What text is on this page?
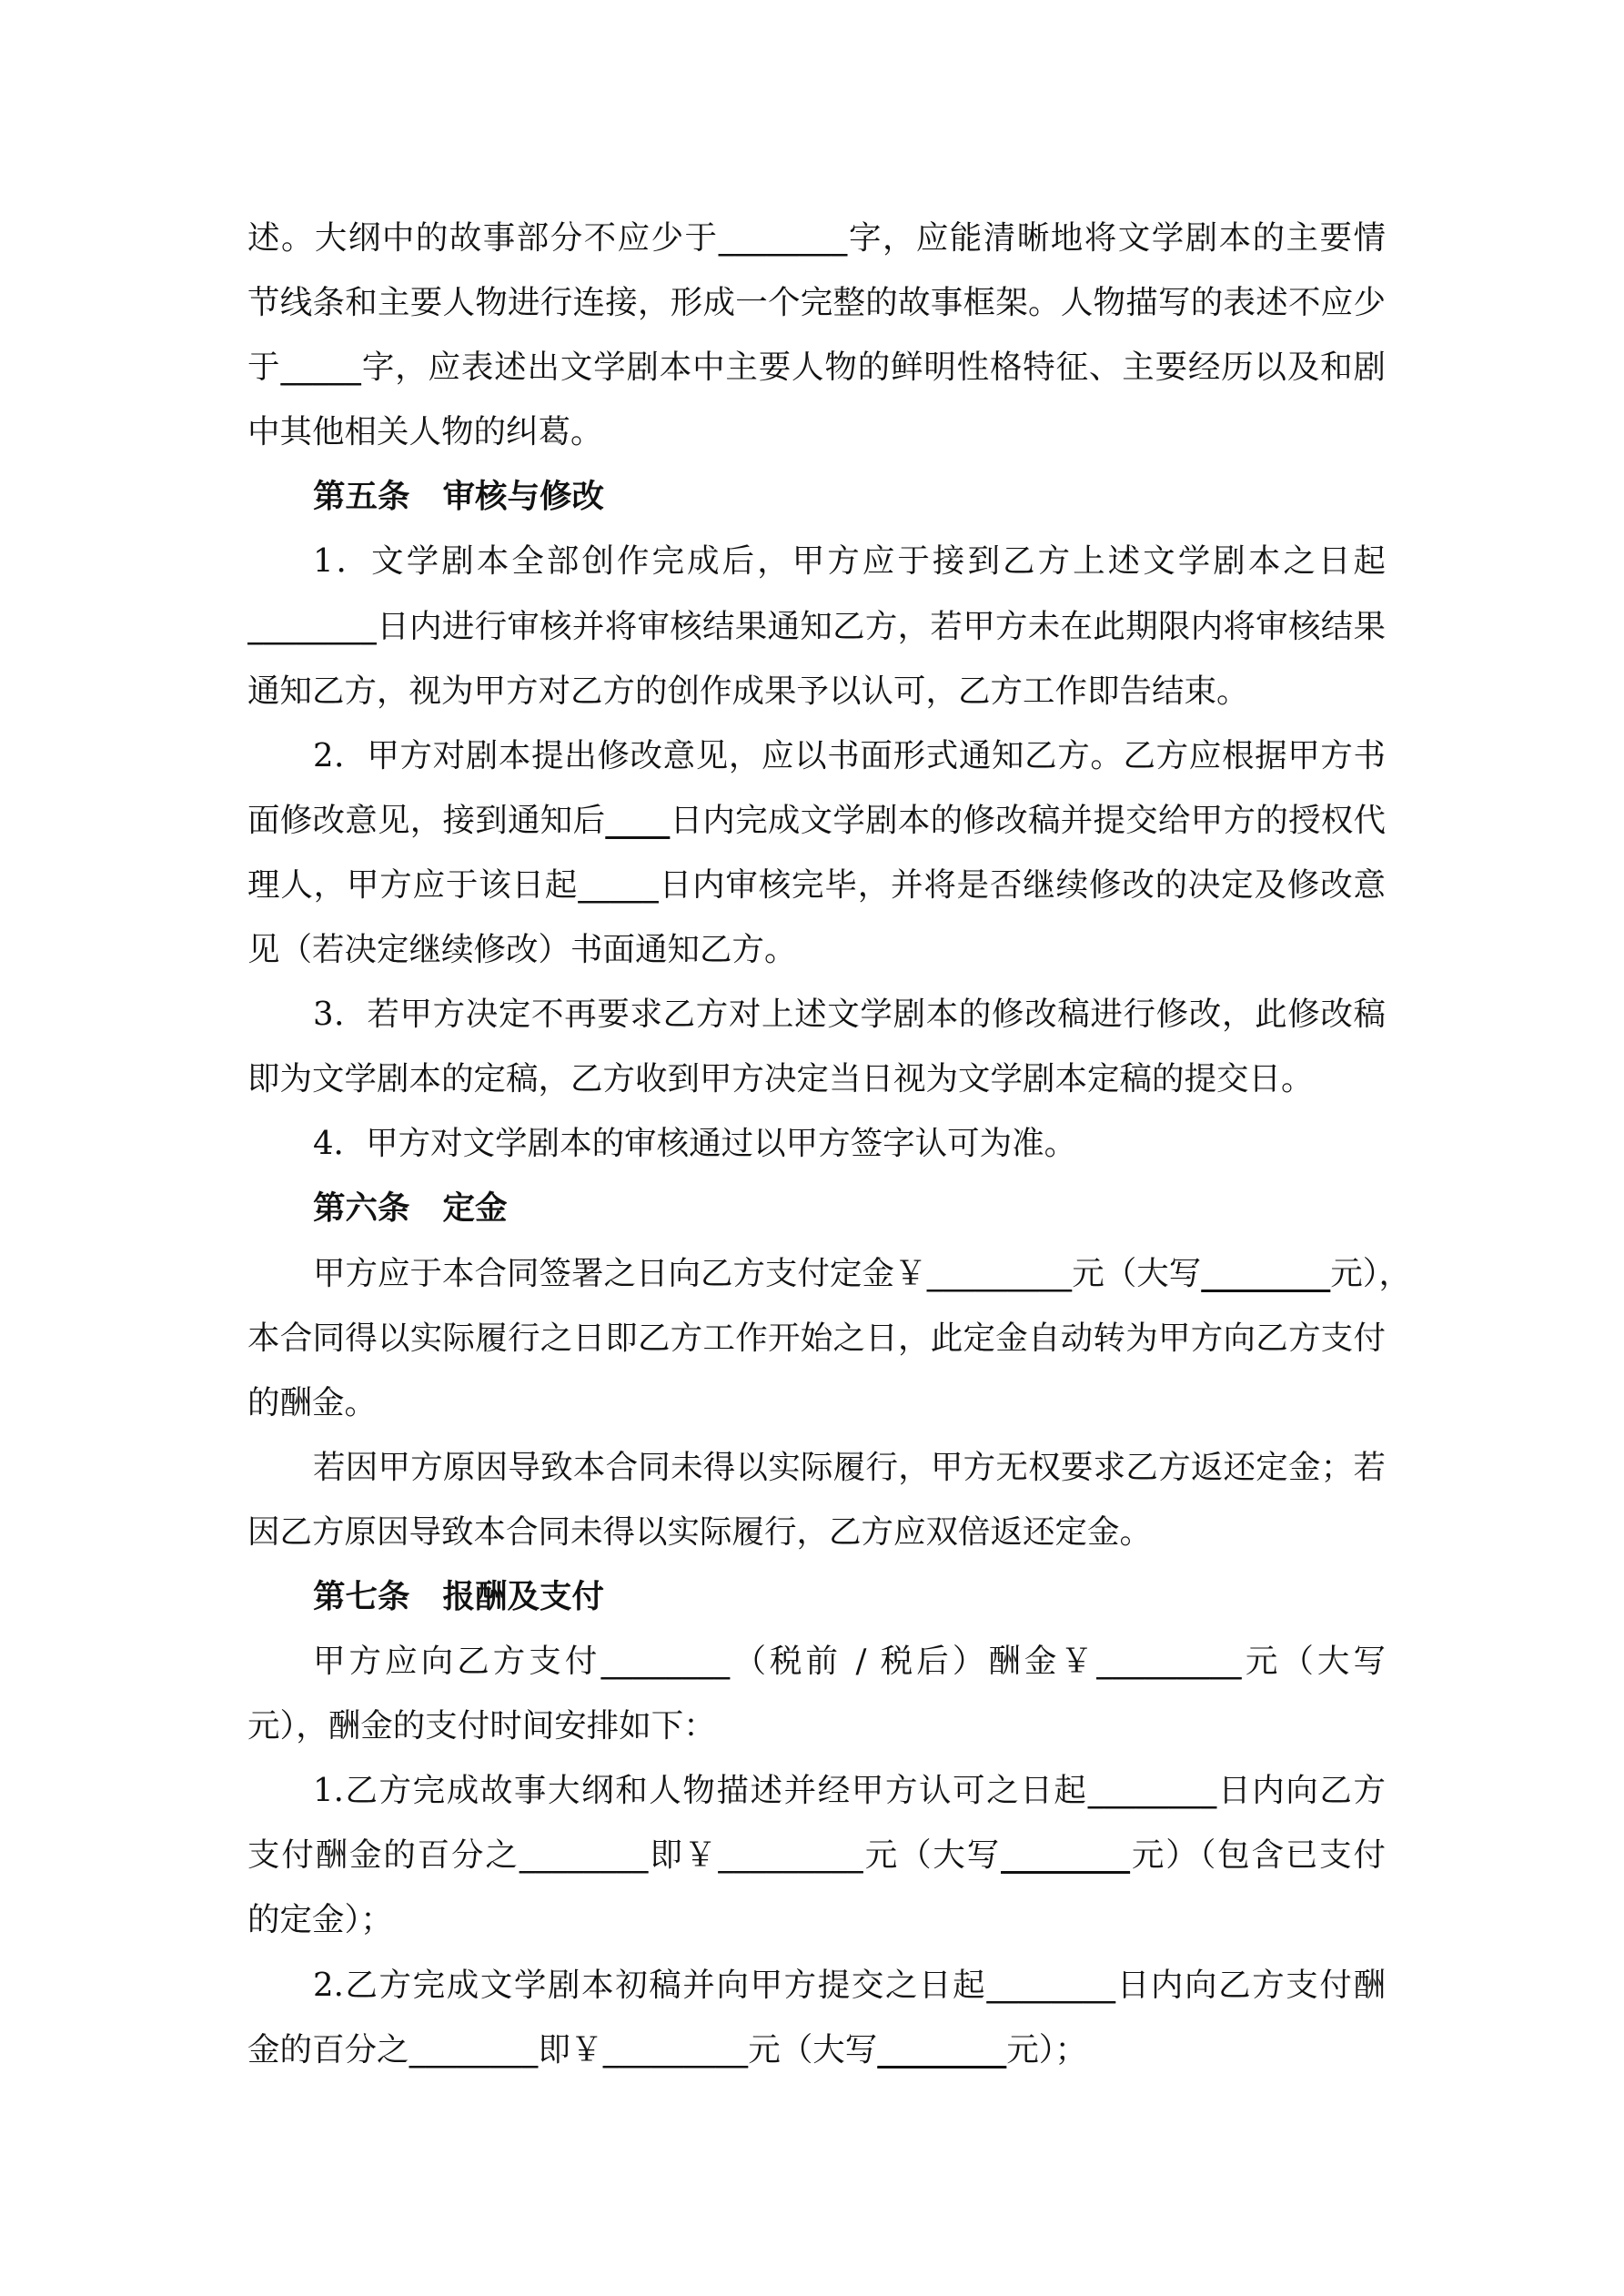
述。大纲中的故事部分不应少于________字，应能清晰地将文学剧本的主要情
节线条和主要人物进行连接，形成一个完整的故事框架。人物描写的表述不应少
于_____字，应表述出文学剧本中主要人物的鲜明性格特征、主要经历以及和剧
中其他相关人物的纠葛。
第五条 审核与修改
1．文学剧本全部创作完成后，甲方应于接到乙方上述文学剧本之日起
________日内进行审核并将审核结果通知乙方，若甲方未在此期限内将审核结果
通知乙方，视为甲方对乙方的创作成果予以认可，乙方工作即告结束。
2．甲方对剧本提出修改意见，应以书面形式通知乙方。乙方应根据甲方书
面修改意见，接到通知后____日内完成文学剧本的修改稿并提交给甲方的授权代
理人，甲方应于该日起_____日内审核完毕，并将是否继续修改的决定及修改意
见（若决定继续修改）书面通知乙方。
3．若甲方决定不再要求乙方对上述文学剧本的修改稿进行修改，此修改稿
即为文学剧本的定稿，乙方收到甲方决定当日视为文学剧本定稿的提交日。
4．甲方对文学剧本的审核通过以甲方签字认可为准。
第六条 定金
甲方应于本合同签署之日向乙方支付定金￥_________元（大写________元），
本合同得以实际履行之日即乙方工作开始之日，此定金自动转为甲方向乙方支付
的酬金。
若因甲方原因导致本合同未得以实际履行，甲方无权要求乙方返还定金；若
因乙方原因导致本合同未得以实际履行，乙方应双倍返还定金。
第七条 报酬及支付
甲方应向乙方支付________（税前 / 税后）酬金￥_________元（大写
元），酬金的支付时间安排如下：
1.乙方完成故事大纲和人物描述并经甲方认可之日起________日内向乙方
支付酬金的百分之________即￥_________元（大写________元）（包含已支付
的定金）；
2.乙方完成文学剧本初稿并向甲方提交之日起________日内向乙方支付酬
金的百分之________即￥_________元（大写________元）；
